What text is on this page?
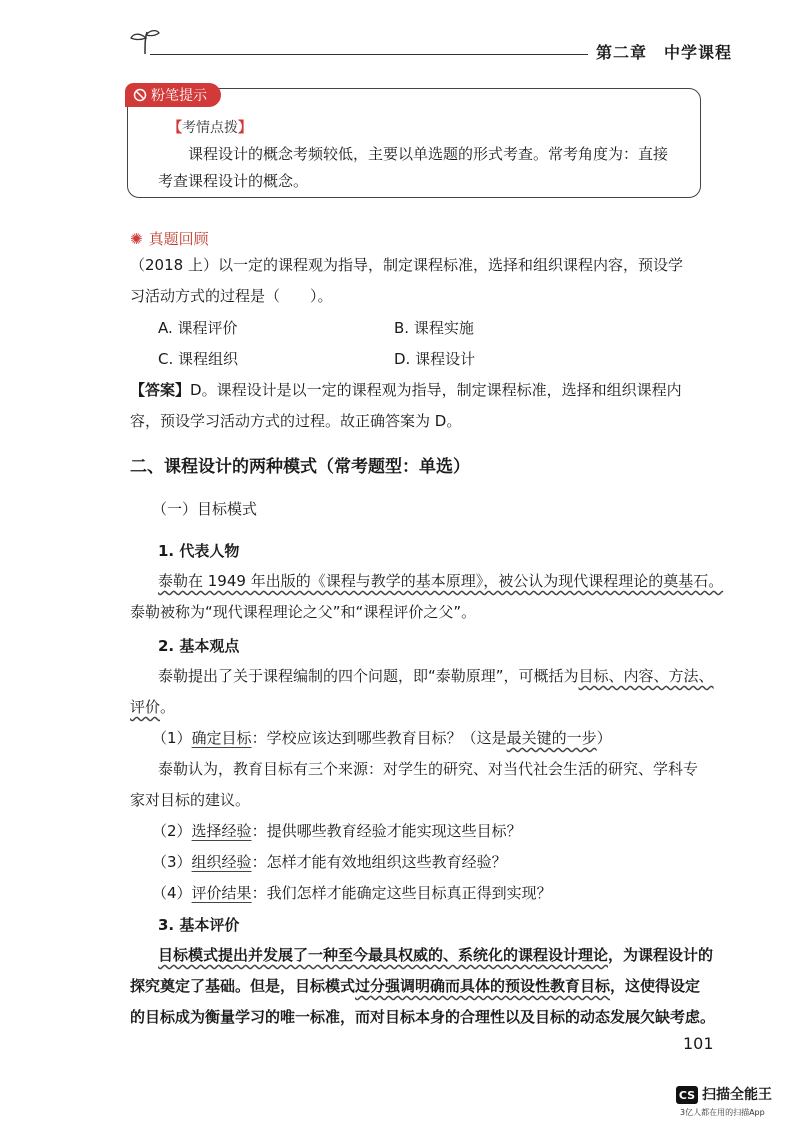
第二章　中学课程
粉笔提示
【考情点拨】
课程设计的概念考频较低，主要以单选题的形式考查。常考角度为：直接考查课程设计的概念。
✺ 真题回顾
（2018 上）以一定的课程观为指导，制定课程标准，选择和组织课程内容，预设学
习活动方式的过程是（　　）。
A. 课程评价	B. 课程实施
C. 课程组织	D. 课程设计
【答案】D。课程设计是以一定的课程观为指导，制定课程标准，选择和组织课程内
容，预设学习活动方式的过程。故正确答案为 D。
二、课程设计的两种模式（常考题型：单选）
（一）目标模式
1. 代表人物
泰勒在 1949 年出版的《课程与教学的基本原理》，被公认为现代课程理论的奠基石。
泰勒被称为“现代课程理论之父”和“课程评价之父”。
2. 基本观点
泰勒提出了关于课程编制的四个问题，即“泰勒原理”，可概括为目标、内容、方法、
评价。
（1）确定目标：学校应该达到哪些教育目标？（这是最关键的一步）
泰勒认为，教育目标有三个来源：对学生的研究、对当代社会生活的研究、学科专
家对目标的建议。
（2）选择经验：提供哪些教育经验才能实现这些目标？
（3）组织经验：怎样才能有效地组织这些教育经验？
（4）评价结果：我们怎样才能确定这些目标真正得到实现？
3. 基本评价
目标模式提出并发展了一种至今最具权威的、系统化的课程设计理论，为课程设计的
探究奠定了基础。但是，目标模式过分强调明确而具体的预设性教育目标，这使得设定
的目标成为衡量学习的唯一标准，而对目标本身的合理性以及目标的动态发展欠缺考虑。
101
CS 扫描全能王
3亿人都在用的扫描App
